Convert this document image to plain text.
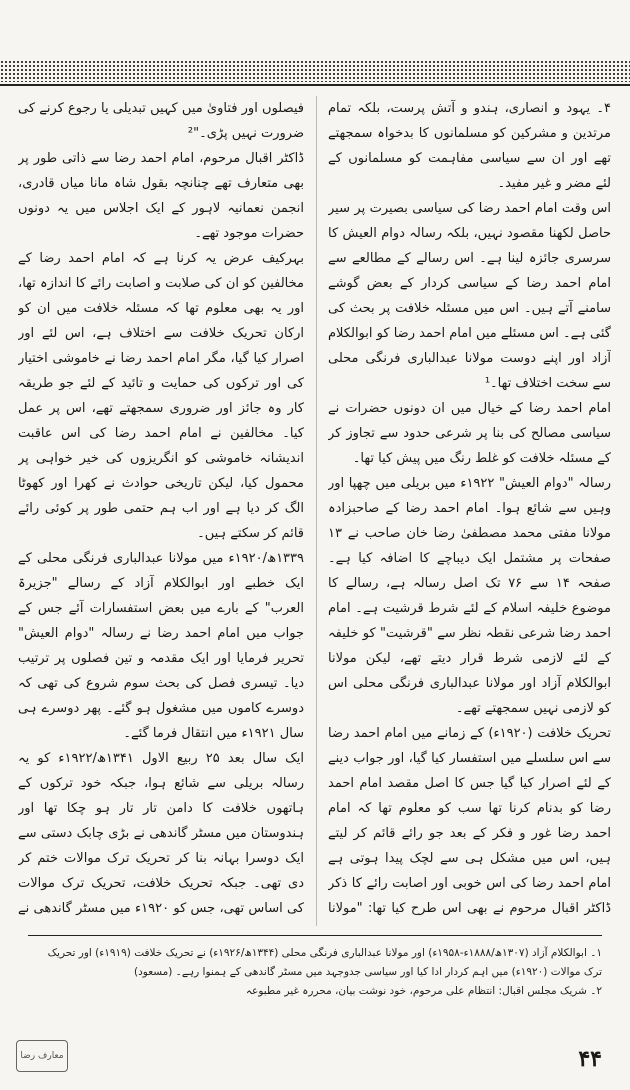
۴۔ یہود و انصاری، ہندو و آتش پرست، بلکہ تمام مرتدین و مشرکین کو مسلمانوں کا بدخواہ سمجھتے تھے اور ان سے سیاسی مفاہمت کو مسلمانوں کے لئے مضر و غیر مفید۔

اس وقت امام احمد رضا کی سیاسی بصیرت پر سیر حاصل لکھنا مقصود نہیں، بلکہ رسالہ دوام العیش کا سرسری جائزہ لینا ہے۔ اس رسالے کے مطالعے سے امام احمد رضا کے سیاسی کردار کے بعض گوشے سامنے آتے ہیں۔ اس میں مسئلہ خلافت پر بحث کی گئی ہے۔ اس مسئلے میں امام احمد رضا کو ابوالکلام آزاد اور اپنے دوست مولانا عبدالباری فرنگی محلی سے سخت اختلاف تھا۔¹

امام احمد رضا کے خیال میں ان دونوں حضرات نے سیاسی مصالح کی بنا پر شرعی حدود سے تجاوز کر کے مسئلہ خلافت کو غلط رنگ میں پیش کیا تھا۔

رسالہ "دوام العیش" ۱۹۲۲ء میں بریلی میں چھپا اور وہیں سے شائع ہوا۔ امام احمد رضا کے صاحبزادہ مولانا مفتی محمد مصطفیٰ رضا خان صاحب نے ۱۳ صفحات پر مشتمل ایک دیباچے کا اضافہ کیا ہے۔ صفحہ ۱۴ سے ۷۶ تک اصل رسالہ ہے، رسالے کا موضوع خلیفہ اسلام کے لئے شرط قرشیت ہے۔ امام احمد رضا شرعی نقطہ نظر سے "قرشیت" کو خلیفہ کے لئے لازمی شرط قرار دیتے تھے، لیکن مولانا ابوالکلام آزاد اور مولانا عبدالباری فرنگی محلی اس کو لازمی نہیں سمجھتے تھے۔

تحریک خلافت (۱۹۲۰ء) کے زمانے میں امام احمد رضا سے اس سلسلے میں استفسار کیا گیا، اور جواب دینے کے لئے اصرار کیا گیا جس کا اصل مقصد امام احمد رضا کو بدنام کرنا تھا سب کو معلوم تھا کہ امام احمد رضا غور و فکر کے بعد جو رائے قائم کر لیتے ہیں، اس میں مشکل ہی سے لچک پیدا ہوتی ہے امام احمد رضا کی اس خوبی اور اصابت رائے کا ذکر ڈاکٹر اقبال مرحوم نے بھی اس طرح کیا تھا: "مولانا

فیصلوں اور فتاویٰ میں کہیں تبدیلی یا رجوع کرنے کی ضرورت نہیں پڑی۔"²

ڈاکٹر اقبال مرحوم، امام احمد رضا سے ذاتی طور پر بھی متعارف تھے چنانچہ بقول شاہ مانا میاں قادری، انجمن نعمانیہ لاہور کے ایک اجلاس میں یہ دونوں حضرات موجود تھے۔

بہرکیف عرض یہ کرنا ہے کہ امام احمد رضا کے مخالفین کو ان کی صلابت و اصابت رائے کا اندازہ تھا، اور یہ بھی معلوم تھا کہ مسئلہ خلافت میں ان کو ارکان تحریک خلافت سے اختلاف ہے، اس لئے اور اصرار کیا گیا، مگر امام احمد رضا نے خاموشی اختیار کی اور ترکوں کی حمایت و تائید کے لئے جو طریقہ کار وہ جائز اور ضروری سمجھتے تھے، اس پر عمل کیا۔ مخالفین نے امام احمد رضا کی اس عاقبت اندیشانہ خاموشی کو انگریزوں کی خیر خواہی پر محمول کیا، لیکن تاریخی حوادث نے کھرا اور کھوٹا الگ کر دیا ہے اور اب ہم حتمی طور پر کوئی رائے قائم کر سکتے ہیں۔

۱۳۳۹ھ/۱۹۲۰ء میں مولانا عبدالباری فرنگی محلی کے ایک خطبے اور ابوالکلام آزاد کے رسالے "جزیرۃ العرب" کے بارے میں بعض استفسارات آئے جس کے جواب میں امام احمد رضا نے رسالہ "دوام العیش" تحریر فرمایا اور ایک مقدمہ و تین فصلوں پر ترتیب دیا۔ تیسری فصل کی بحث سوم شروع کی تھی کہ دوسرے کاموں میں مشغول ہو گئے۔ پھر دوسرے ہی سال ۱۹۲۱ء میں انتقال فرما گئے۔

ایک سال بعد ۲۵ ربیع الاول ۱۳۴۱ھ/۱۹۲۲ء کو یہ رسالہ بریلی سے شائع ہوا، جبکہ خود ترکوں کے ہاتھوں خلافت کا دامن تار تار ہو چکا تھا اور ہندوستان میں مسٹر گاندھی نے بڑی چابک دستی سے ایک دوسرا بہانہ بنا کر تحریک ترک موالات ختم کر دی تھی۔ جبکہ تحریک خلافت، تحریک ترک موالات کی اساس تھی، جس کو ۱۹۲۰ء میں مسٹر گاندھی نے

۱۔ ابوالکلام آزاد (۱۳۰۷ھ/۱۸۸۸ء-۱۹۵۸ء) اور مولانا عبدالباری فرنگی محلی (۱۳۴۴ھ/۱۹۲۶ء) نے تحریک خلافت (۱۹۱۹ء) اور تحریک ترک موالات (۱۹۲۰ء) میں اہم کردار ادا کیا اور سیاسی جدوجہد میں مسٹر گاندھی کے ہمنوا رہے۔ (مسعود)

۲۔ شریک مجلس اقبال: انتظام علی مرحوم، خود نوشت بیان، محررہ غیر مطبوعہ

معارف رضا	۴۴
